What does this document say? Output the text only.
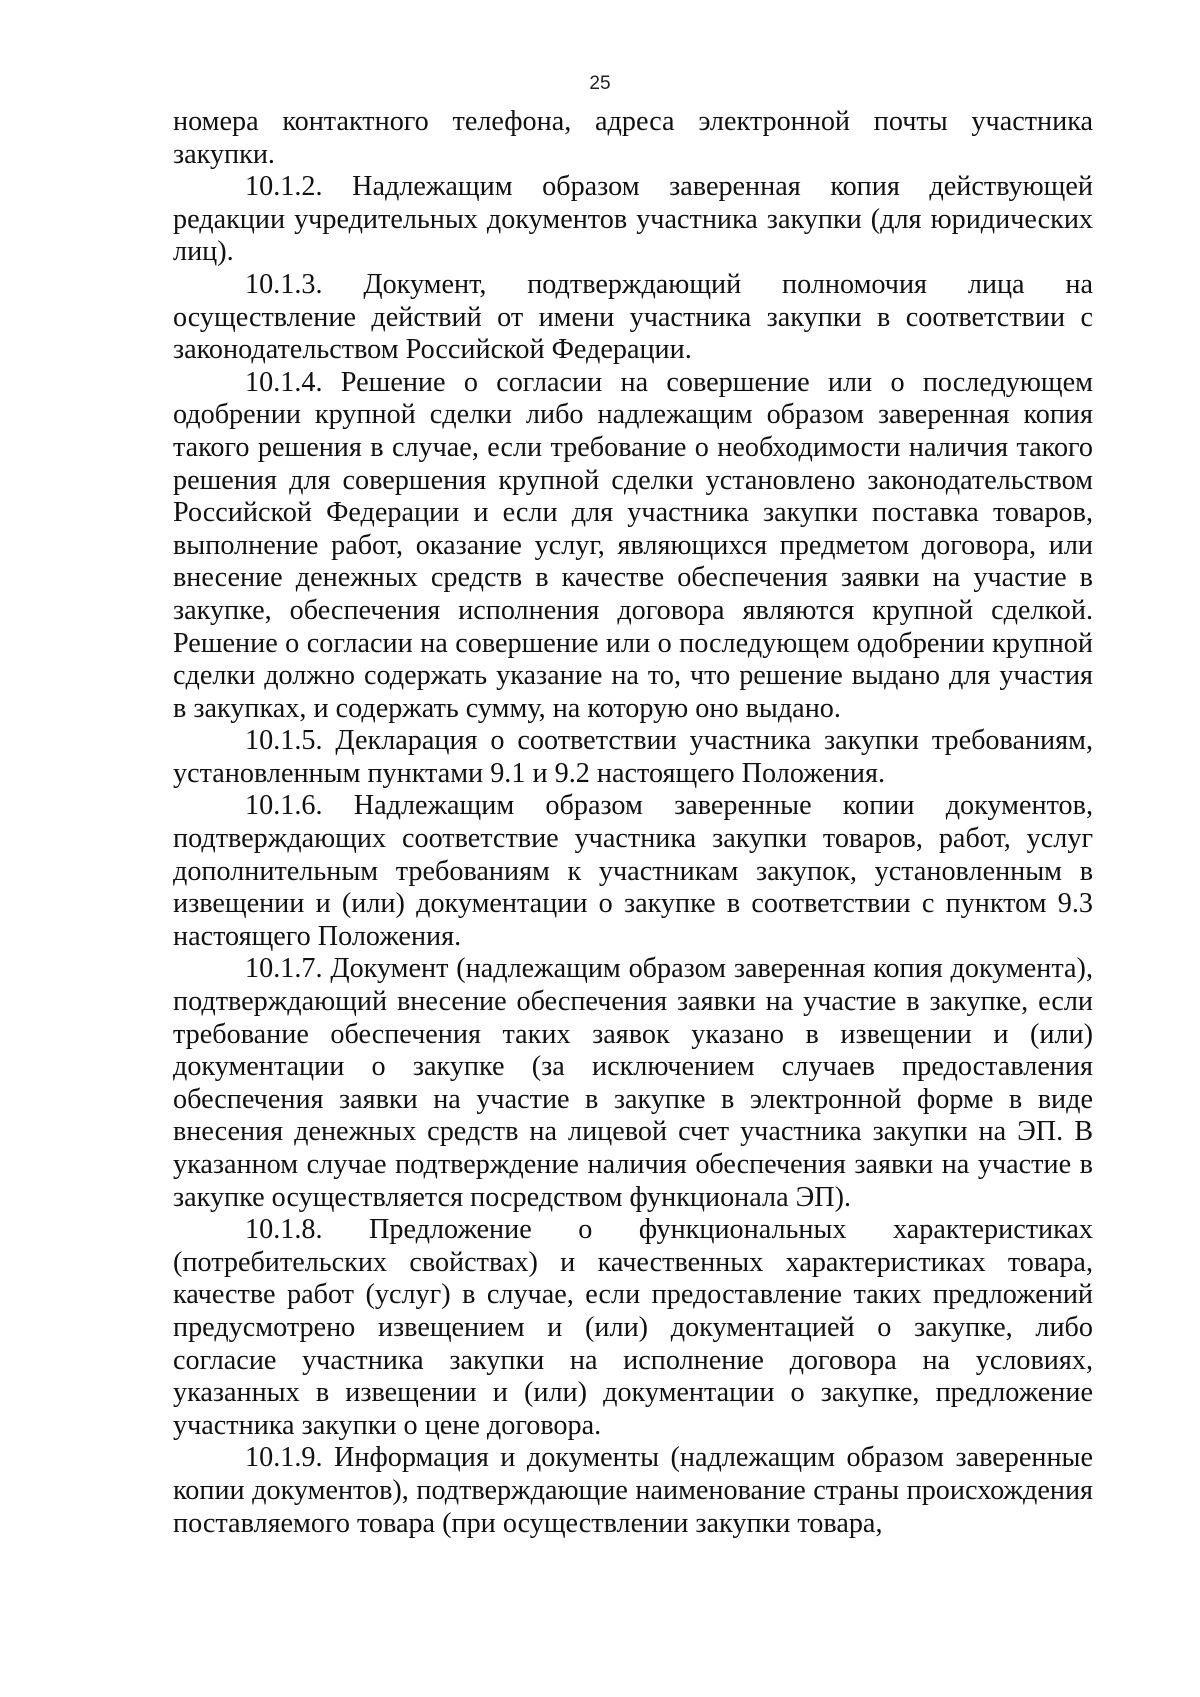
25

номера контактного телефона, адреса электронной почты участника закупки.

10.1.2. Надлежащим образом заверенная копия действующей редакции учредительных документов участника закупки (для юридических лиц).

10.1.3. Документ, подтверждающий полномочия лица на осуществление действий от имени участника закупки в соответствии с законодательством Российской Федерации.

10.1.4. Решение о согласии на совершение или о последующем одобрении крупной сделки либо надлежащим образом заверенная копия такого решения в случае, если требование о необходимости наличия такого решения для совершения крупной сделки установлено законодательством Российской Федерации и если для участника закупки поставка товаров, выполнение работ, оказание услуг, являющихся предметом договора, или внесение денежных средств в качестве обеспечения заявки на участие в закупке, обеспечения исполнения договора являются крупной сделкой. Решение о согласии на совершение или о последующем одобрении крупной сделки должно содержать указание на то, что решение выдано для участия в закупках, и содержать сумму, на которую оно выдано.

10.1.5. Декларация о соответствии участника закупки требованиям, установленным пунктами 9.1 и 9.2 настоящего Положения.

10.1.6. Надлежащим образом заверенные копии документов, подтверждающих соответствие участника закупки товаров, работ, услуг дополнительным требованиям к участникам закупок, установленным в извещении и (или) документации о закупке в соответствии с пунктом 9.3 настоящего Положения.

10.1.7. Документ (надлежащим образом заверенная копия документа), подтверждающий внесение обеспечения заявки на участие в закупке, если требование обеспечения таких заявок указано в извещении и (или) документации о закупке (за исключением случаев предоставления обеспечения заявки на участие в закупке в электронной форме в виде внесения денежных средств на лицевой счет участника закупки на ЭП. В указанном случае подтверждение наличия обеспечения заявки на участие в закупке осуществляется посредством функционала ЭП).

10.1.8. Предложение о функциональных характеристиках (потребительских свойствах) и качественных характеристиках товара, качестве работ (услуг) в случае, если предоставление таких предложений предусмотрено извещением и (или) документацией о закупке, либо согласие участника закупки на исполнение договора на условиях, указанных в извещении и (или) документации о закупке, предложение участника закупки о цене договора.

10.1.9. Информация и документы (надлежащим образом заверенные копии документов), подтверждающие наименование страны происхождения поставляемого товара (при осуществлении закупки товара,
